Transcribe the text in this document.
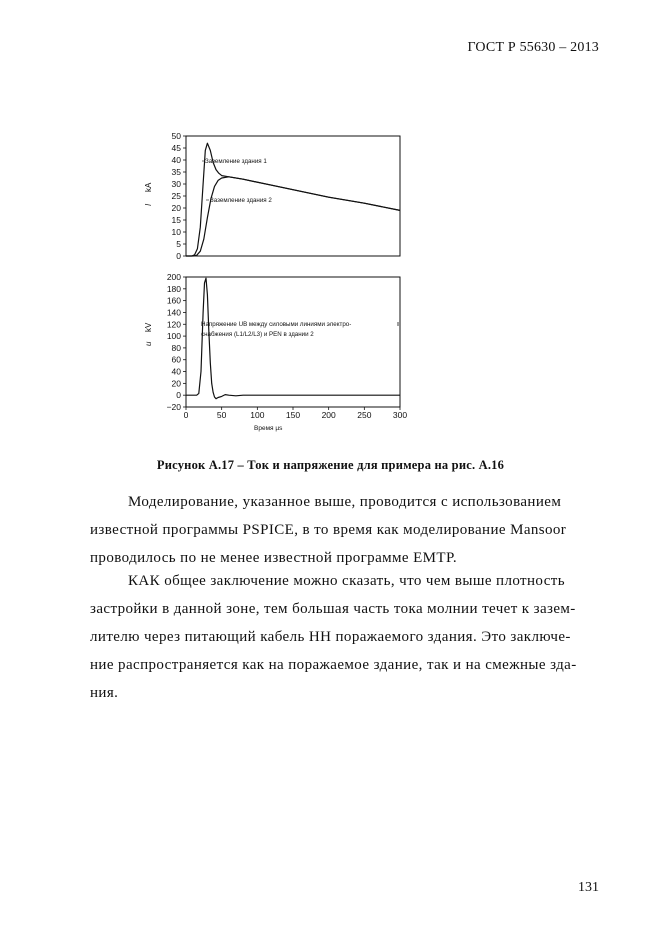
ГОСТ Р 55630 – 2013
50
45
40
35
30
25
20
15
10
5
0
I
kA
Заземление здания 1
Заземление здания 2
200
180
160
140
120
100
80
60
40
20
0
−20
0	50	100	150	200	250	300
u
kV	Напряжение UB между силовыми линиями электро-
снабжения (L1/L2/L3) и PEN в здании 2
Время µs
Рисунок А.17 – Ток и напряжение для примера на рис. А.16
Моделирование, указанное выше, проводится с использованием
известной программы PSPICE, в то время как моделирование Mansoor
проводилось по не менее известной программе ЕМТР.
КАК общее заключение можно сказать, что чем выше плотность
застройки в данной зоне, тем большая часть тока молнии течет к зазем-
лителю через питающий кабель НН поражаемого здания. Это заключе-
ние распространяется как на поражаемое здание, так и на смежные зда-
ния.
131
